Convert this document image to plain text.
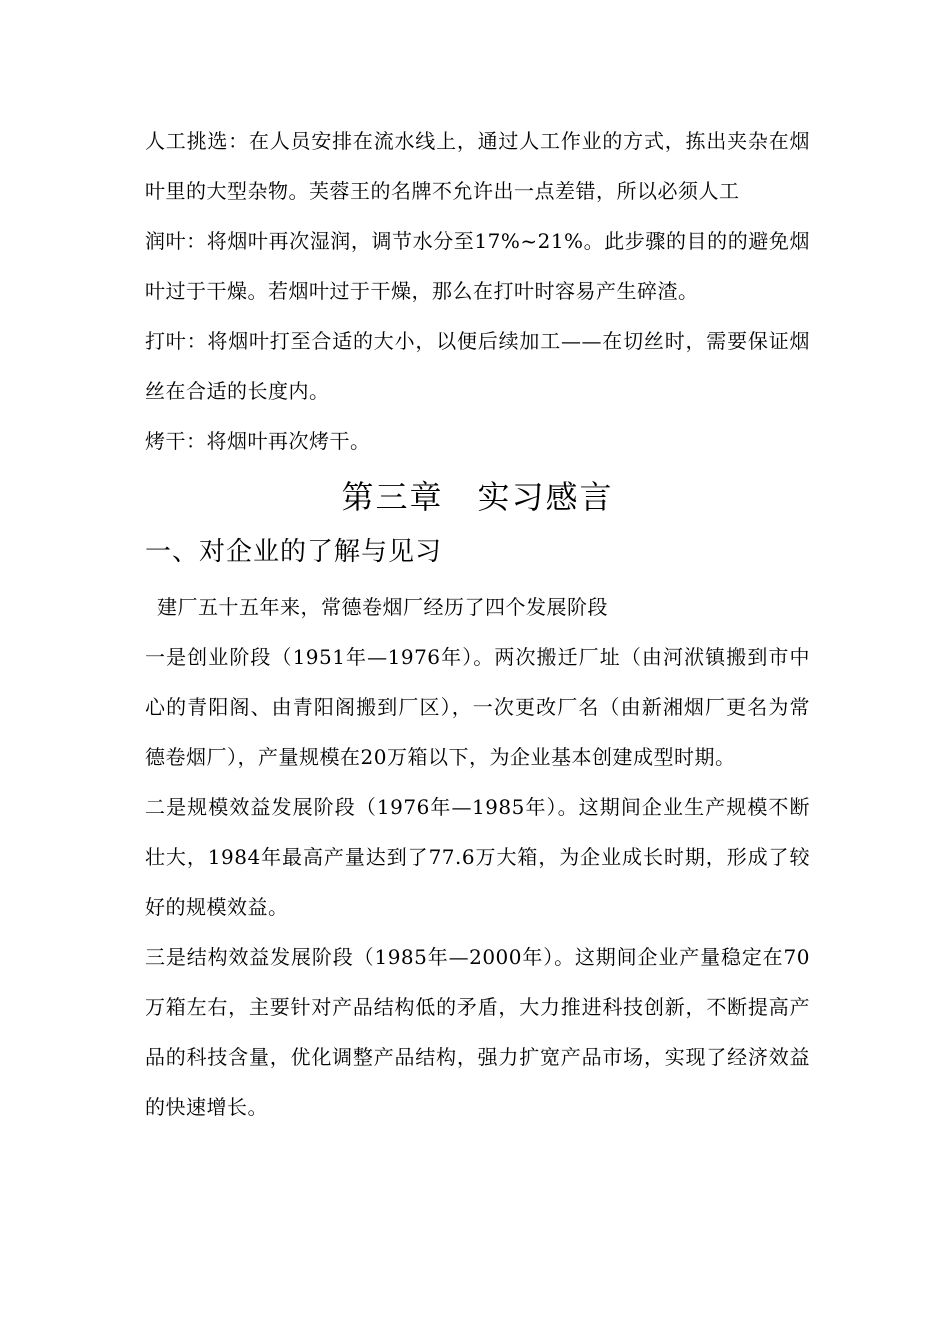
人工挑选：在人员安排在流水线上，通过人工作业的方式，拣出夹杂在烟叶里的大型杂物。芙蓉王的名牌不允许出一点差错，所以必须人工

润叶：将烟叶再次湿润，调节水分至17%~21%。此步骤的目的的避免烟叶过于干燥。若烟叶过于干燥，那么在打叶时容易产生碎渣。

打叶：将烟叶打至合适的大小，以便后续加工——在切丝时，需要保证烟丝在合适的长度内。

烤干：将烟叶再次烤干。

第三章　实习感言
一、对企业的了解与见习

建厂五十五年来，常德卷烟厂经历了四个发展阶段

一是创业阶段（1951年—1976年）。两次搬迁厂址（由河洑镇搬到市中心的青阳阁、由青阳阁搬到厂区），一次更改厂名（由新湘烟厂更名为常德卷烟厂），产量规模在20万箱以下，为企业基本创建成型时期。

二是规模效益发展阶段（1976年—1985年）。这期间企业生产规模不断壮大，1984年最高产量达到了77.6万大箱，为企业成长时期，形成了较好的规模效益。

三是结构效益发展阶段（1985年—2000年）。这期间企业产量稳定在70 万箱左右，主要针对产品结构低的矛盾，大力推进科技创新，不断提高产品的科技含量，优化调整产品结构，强力扩宽产品市场，实现了经济效益的快速增长。
